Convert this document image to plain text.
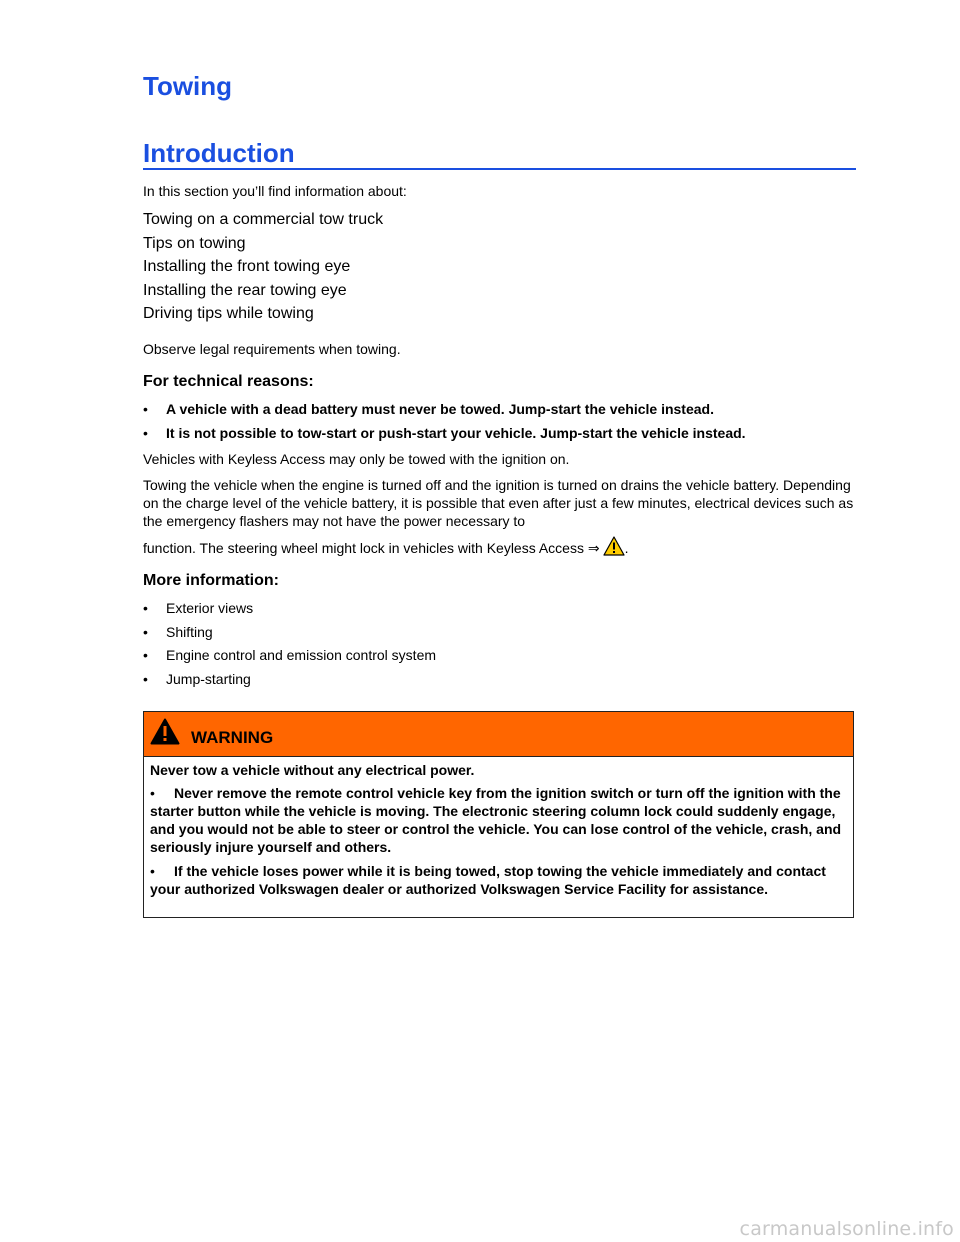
Towing
Introduction
In this section you’ll find information about:
Towing on a commercial tow truck
Tips on towing
Installing the front towing eye
Installing the rear towing eye
Driving tips while towing
Observe legal requirements when towing.
For technical reasons:
• A vehicle with a dead battery must never be towed. Jump-start the vehicle instead.
• It is not possible to tow-start or push-start your vehicle. Jump-start the vehicle instead.

Vehicles with Keyless Access may only be towed with the ignition on.

Towing the vehicle when the engine is turned off and the ignition is turned on drains the vehicle battery. Depending on the charge level of the vehicle battery, it is possible that even after just a few minutes, electrical devices such as the emergency flashers may not have the power necessary to
function. The steering wheel might lock in vehicles with Keyless Access ⇒ .
More information:
• Exterior views
• Shifting
• Engine control and emission control system
• Jump-starting
WARNING

Never tow a vehicle without any electrical power.

• Never remove the remote control vehicle key from the ignition switch or turn off the ignition with the starter button while the vehicle is moving. The electronic steering column lock could suddenly engage, and you would not be able to steer or control the vehicle. You can lose control of the vehicle, crash, and seriously injure yourself and others.

• If the vehicle loses power while it is being towed, stop towing the vehicle immediately and contact your authorized Volkswagen dealer or authorized Volkswagen Service Facility for assistance.

carmanualsonline.info
